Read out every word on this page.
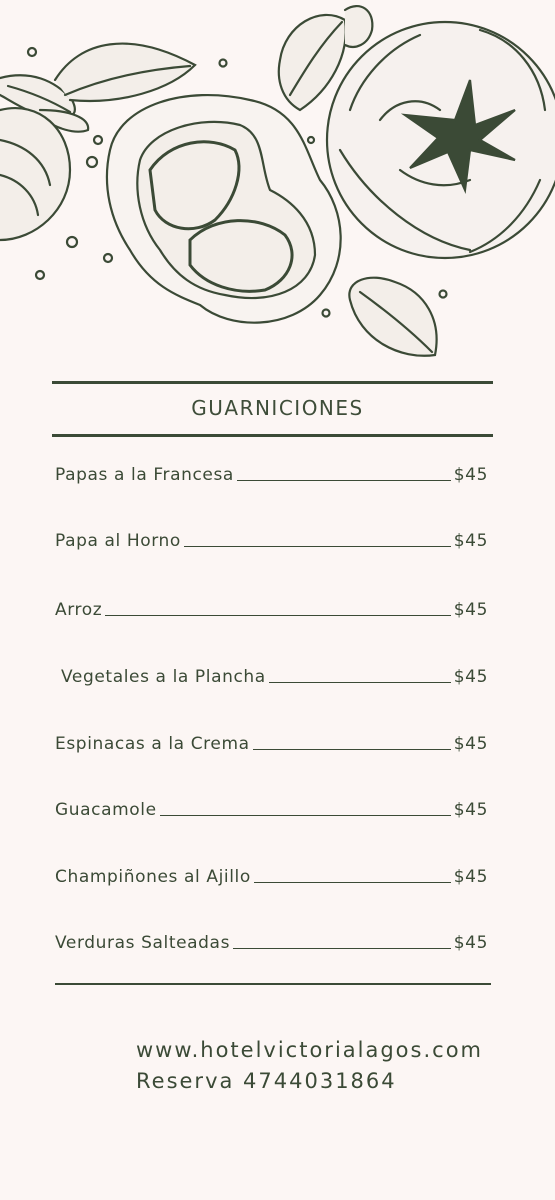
GUARNICIONES
Papas a la Francesa	$45
Papa al Horno	$45
Arroz	$45
Vegetales a la Plancha	$45
Espinacas a la Crema	$45
Guacamole	$45
Champiñones al Ajillo	$45
Verduras Salteadas	$45
www.hotelvictorialagos.com
Reserva 4744031864
